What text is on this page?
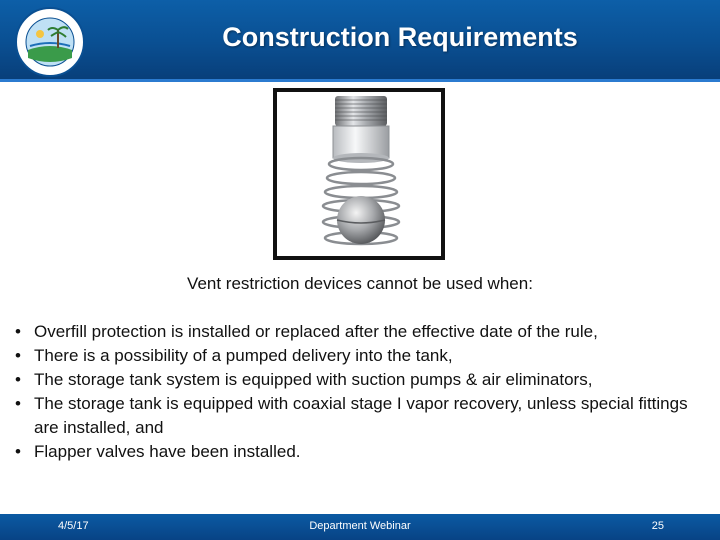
Construction Requirements
Vent restriction devices cannot be used when:
• Overfill protection is installed or replaced after the effective date of the rule,
• There is a possibility of a pumped delivery into the tank,
• The storage tank system is equipped with suction pumps & air eliminators,
• The storage tank is equipped with coaxial stage I vapor recovery, unless special fittings are installed, and
• Flapper valves have been installed.
4/5/17	Department Webinar	25
